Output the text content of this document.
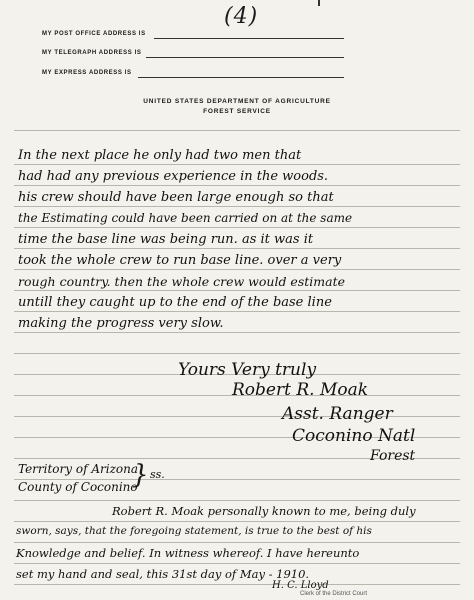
(4)
MY POST OFFICE ADDRESS IS
MY TELEGRAPH ADDRESS IS
MY EXPRESS ADDRESS IS
UNITED STATES DEPARTMENT OF AGRICULTURE
FOREST SERVICE
In the next place he only had two men that
had had any previous experience in the woods.
his crew should have been large enough so that
the Estimating could have been carried on at the same
time the base line was being run. as it was it
took the whole crew to run base line. over a very
rough country. then the whole crew would estimate
untill they caught up to the end of the base line
making the progress very slow.
Yours Very truly
Robert R. Moak
Asst. Ranger
Coconino Natl
Forest
Territory of Arizona
County of Coconino
} ss.
Robert R. Moak personally known to me, being duly
sworn, says, that the foregoing statement, is true to the best of his
Knowledge and belief. In witness whereof. I have hereunto
set my hand and seal, this 31st day of May - 1910.
H. C. Lloyd
Clerk of the District Court
